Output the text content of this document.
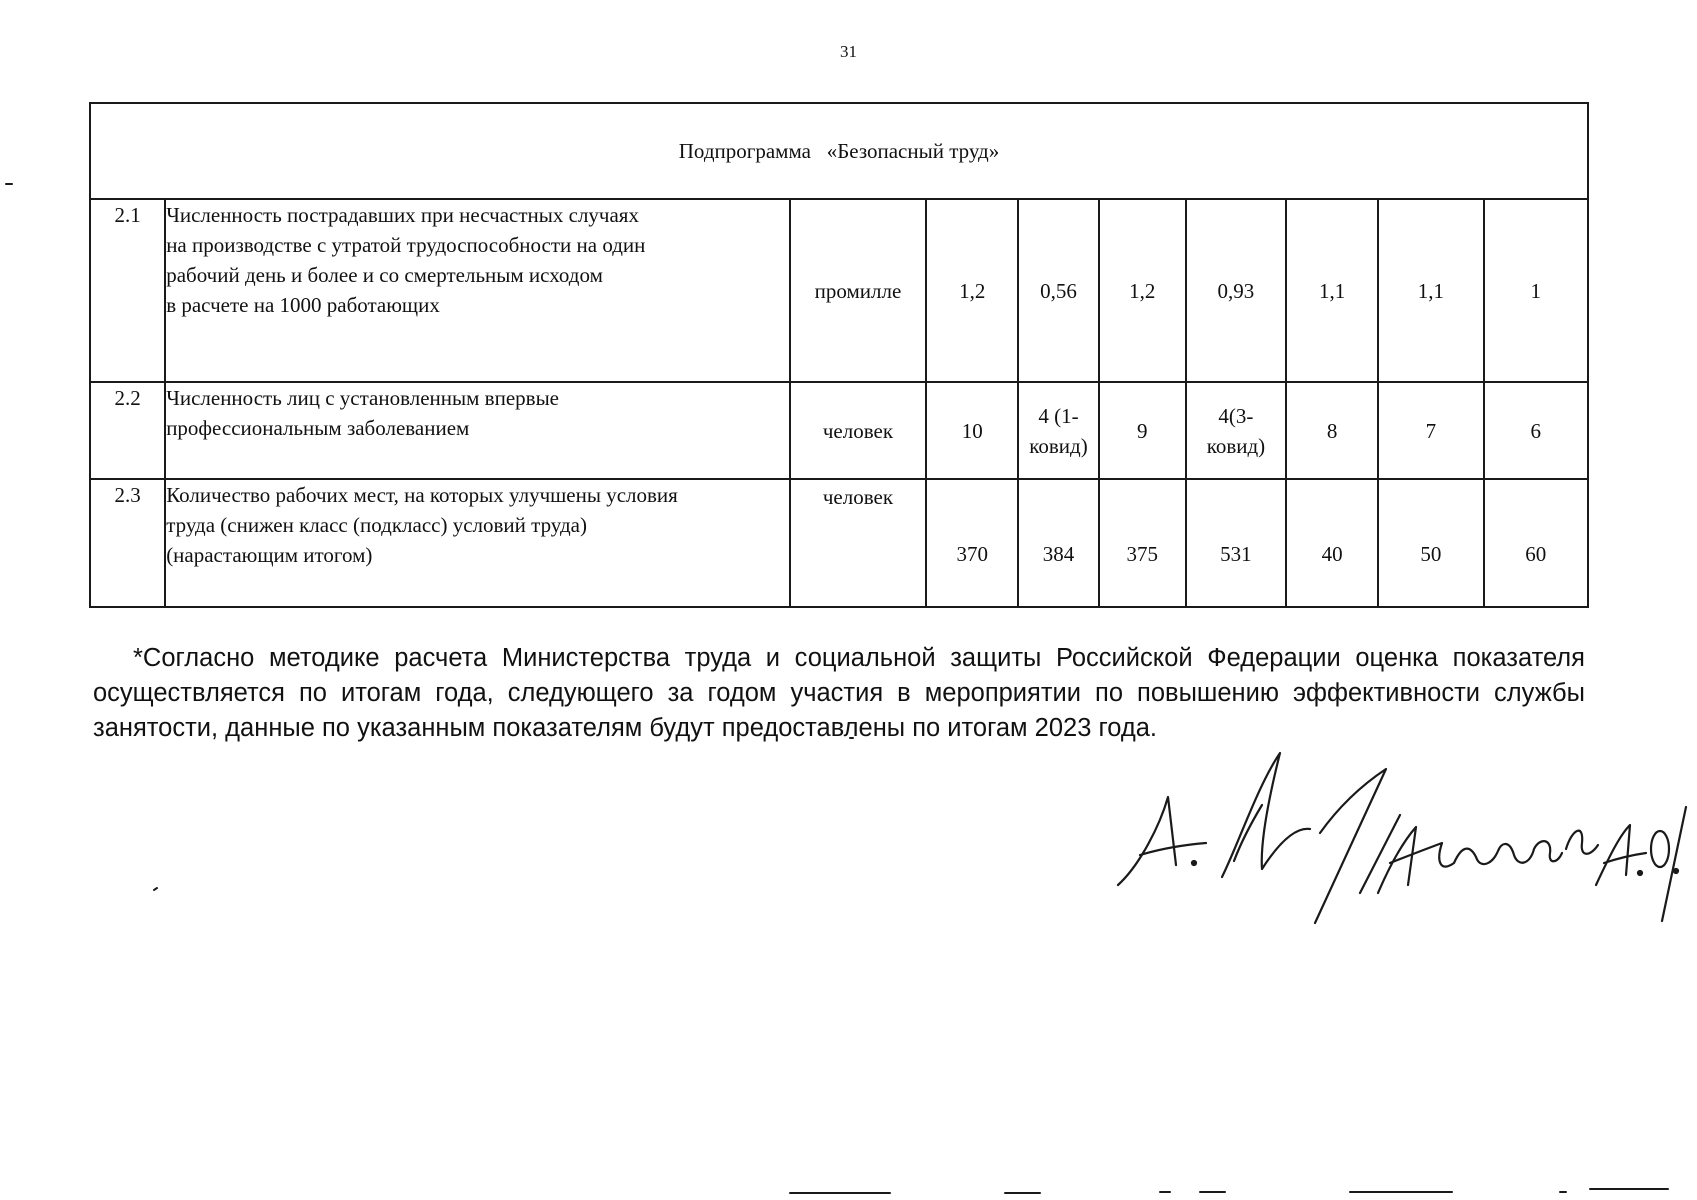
31
Подпрограмма   «Безопасный труд»									
2.1	Численность пострадавших при несчастных случаях
на производстве с утратой трудоспособности на один
рабочий день и более и со смертельным исходом
в расчете на 1000 работающих	промилле	1,2	0,56	1,2	0,93	1,1	1,1	1
2.2	Численность лиц с установленным впервые
профессиональным заболеванием	человек	10	4 (1-
ковид)	9	4(3-
ковид)	8	7	6
2.3	Количество рабочих мест, на которых улучшены условия
труда (снижен класс (подкласс) условий труда)
(нарастающим итогом)	человек	370	384	375	531	40	50	60

*Согласно методике расчета Министерства труда и социальной защиты Российской Федерации оценка показателя осуществляется по итогам года, следующего за годом участия в мероприятии по повышению эффективности службы занятости, данные по указанным показателям будут предоставлены по итогам 2023 года.
